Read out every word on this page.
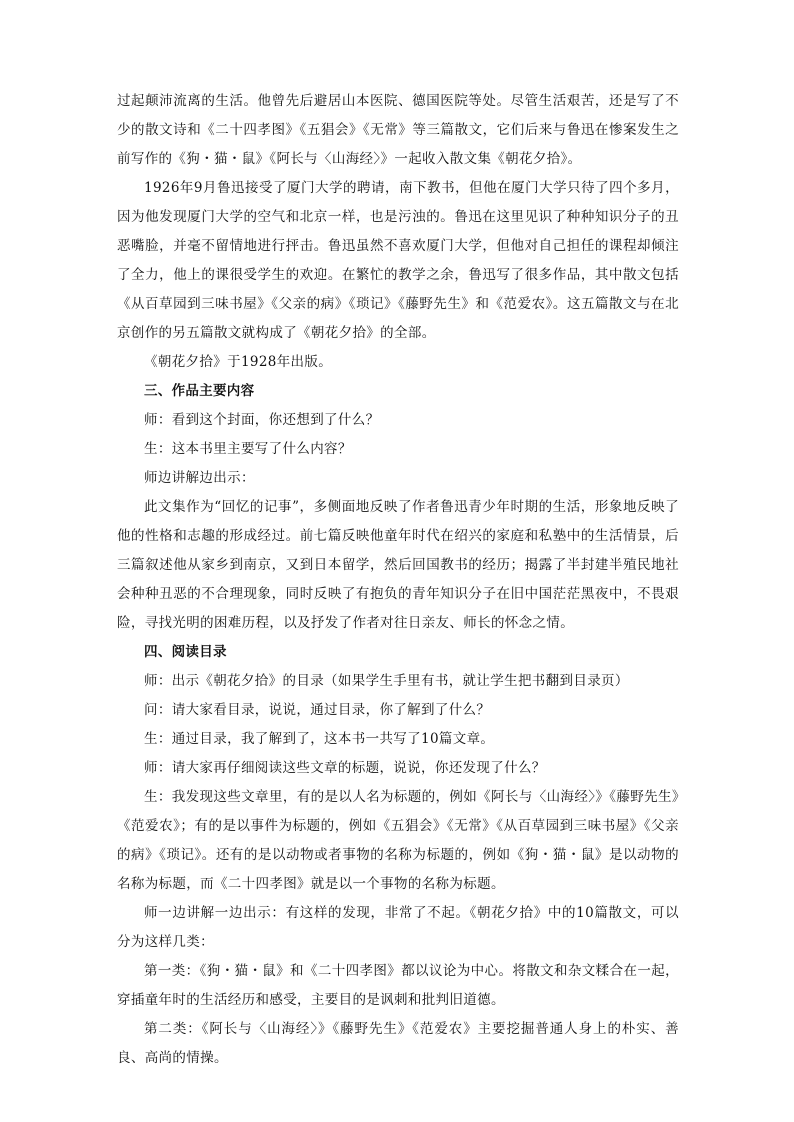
过起颠沛流离的生活。他曾先后避居山本医院、德国医院等处。尽管生活艰苦，还是写了不少的散文诗和《二十四孝图》《五猖会》《无常》等三篇散文，它们后来与鲁迅在惨案发生之前写作的《狗・猫・鼠》《阿长与〈山海经〉》一起收入散文集《朝花夕拾》。

1926年9月鲁迅接受了厦门大学的聘请，南下教书，但他在厦门大学只待了四个多月，因为他发现厦门大学的空气和北京一样，也是污浊的。鲁迅在这里见识了种种知识分子的丑恶嘴脸，并毫不留情地进行抨击。鲁迅虽然不喜欢厦门大学，但他对自己担任的课程却倾注了全力，他上的课很受学生的欢迎。在繁忙的教学之余，鲁迅写了很多作品，其中散文包括《从百草园到三味书屋》《父亲的病》《琐记》《藤野先生》和《范爱农》。这五篇散文与在北京创作的另五篇散文就构成了《朝花夕拾》的全部。

《朝花夕拾》于1928年出版。

三、作品主要内容

师：看到这个封面，你还想到了什么？

生：这本书里主要写了什么内容？

师边讲解边出示：

此文集作为“回忆的记事”，多侧面地反映了作者鲁迅青少年时期的生活，形象地反映了他的性格和志趣的形成经过。前七篇反映他童年时代在绍兴的家庭和私塾中的生活情景，后三篇叙述他从家乡到南京，又到日本留学，然后回国教书的经历；揭露了半封建半殖民地社会种种丑恶的不合理现象，同时反映了有抱负的青年知识分子在旧中国茫茫黑夜中，不畏艰险，寻找光明的困难历程，以及抒发了作者对往日亲友、师长的怀念之情。

四、阅读目录

师：出示《朝花夕拾》的目录（如果学生手里有书，就让学生把书翻到目录页）

问：请大家看目录，说说，通过目录，你了解到了什么？

生：通过目录，我了解到了，这本书一共写了10篇文章。

师：请大家再仔细阅读这些文章的标题，说说，你还发现了什么？

生：我发现这些文章里，有的是以人名为标题的，例如《阿长与〈山海经〉》《藤野先生》《范爱农》；有的是以事件为标题的，例如《五猖会》《无常》《从百草园到三味书屋》《父亲的病》《琐记》。还有的是以动物或者事物的名称为标题的，例如《狗・猫・鼠》是以动物的名称为标题，而《二十四孝图》就是以一个事物的名称为标题。

师一边讲解一边出示：有这样的发现，非常了不起。《朝花夕拾》中的10篇散文，可以分为这样几类：

第一类：《狗・猫・鼠》和《二十四孝图》都以议论为中心。将散文和杂文糅合在一起，穿插童年时的生活经历和感受，主要目的是讽刺和批判旧道德。

第二类：《阿长与〈山海经〉》《藤野先生》《范爱农》主要挖掘普通人身上的朴实、善良、高尚的情操。
